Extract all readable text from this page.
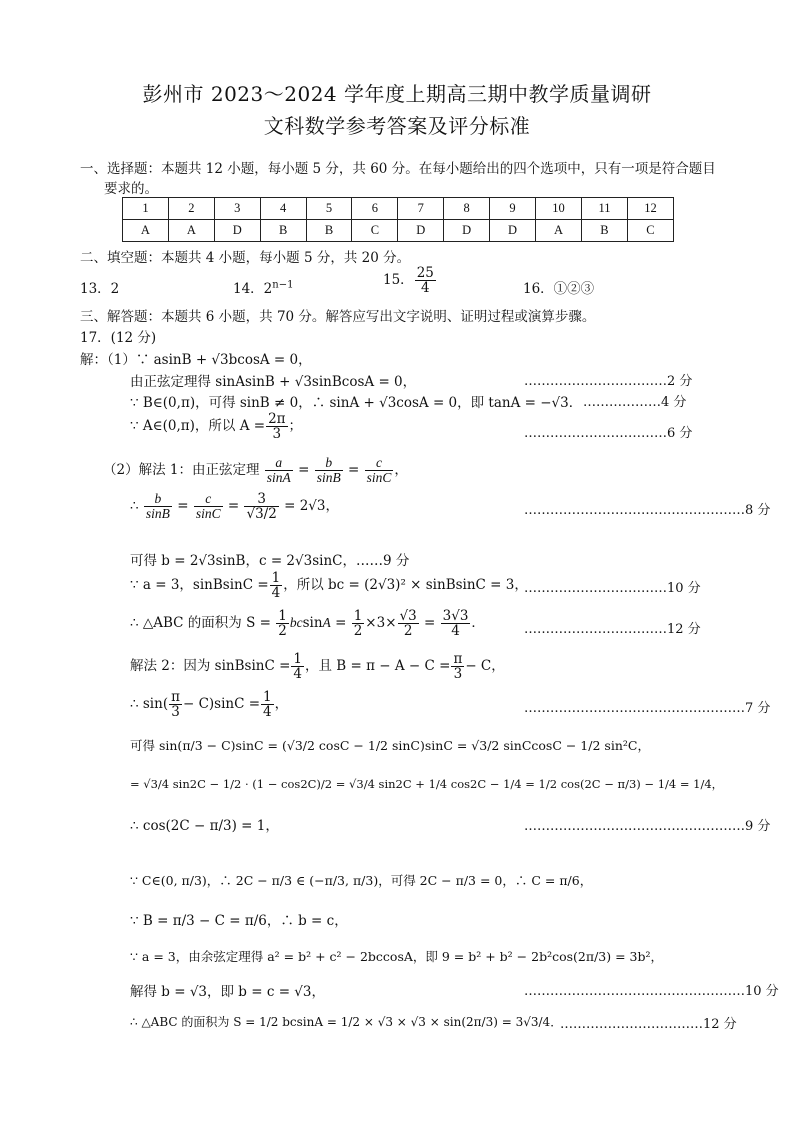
彭州市 2023～2024 学年度上期高三期中教学质量调研
文科数学参考答案及评分标准
一、选择题：本题共 12 小题，每小题 5 分，共 60 分。在每小题给出的四个选项中，只有一项是符合题目
要求的。
1	2	3	4	5	6	7	8	9	10	11	12
A	A	D	B	B	C	D	D	D	A	B	C
二、填空题：本题共 4 小题，每小题 5 分，共 20 分。
13．2	14．$2^{n-1}$	15． $\frac{25}{4}$	16．①②③
三、解答题：本题共 6 小题，共 70 分。解答应写出文字说明、证明过程或演算步骤。
17．(12 分)
解：（1）∵ asinB + √3bcosA = 0，
由正弦定理得 sinAsinB + √3sinBcosA = 0，	……………………………2 分
∵ B∈(0,π)，可得 sinB ≠ 0，∴ sinA + √3cosA = 0，即 tanA = −√3． ………………4 分
∵ A∈(0,π)，所以 $A = \frac{2\pi}{3}$ ；	……………………………6 分
（2）解法 1：由正弦定理 $\frac{a}{\sin A} = \frac{b}{\sin B} = \frac{c}{\sin C}$ ，
∴ $\frac{b}{\sin B} = \frac{c}{\sin C} = \frac{3}{√3/2} = 2√3$，	……………………………………………8 分
可得 b = 2√3sinB，c = 2√3sinC，……9 分
∵ a = 3，sinBsinC = $\frac{1}{4}$ ，所以 bc = (2√3)² × sinBsinC = 3，
……………………………10 分
∴ △ABC 的面积为 $S = \frac{1}{2}$ $bcsinA = \frac{1}{2} \times 3\times \frac{√3}{2} = \frac{3√3}{4}$ ．	……………………………12 分
解法 2：因为 sinBsinC = $\frac{1}{4}$ ，且 $B = \pi - A - C = \frac{\pi}{3} - C$，
∴ $\sin( \frac{\pi}{3} - C)\sin C = \frac{1}{4}$ ，	……………………………………………7 分
可得 sin(π/3 − C)sinC = (√3/2 cosC − 1/2 sinC)sinC = √3/2 sinCcosC − 1/2 sin²C，
= √3/4 sin2C − 1/2 · (1 − cos2C)/2 = √3/4 sin2C + 1/4 cos2C − 1/4 = 1/2 cos(2C − π/3) − 1/4 = 1/4，
∴ cos(2C − π/3) = 1，	……………………………………………9 分
∵ C∈(0, π/3)，∴ 2C − π/3 ∈ (−π/3, π/3)，可得 2C − π/3 = 0，∴ C = π/6，
∵ B = π/3 − C = π/6，∴ b = c，
∵ a = 3，由余弦定理得 a² = b² + c² − 2bccosA，即 9 = b² + b² − 2b²cos(2π/3) = 3b²，
解得 b = √3，即 b = c = √3，	……………………………………………10 分
∴ △ABC 的面积为 S = 1/2 bcsinA = 1/2 × √3 × √3 × sin(2π/3) = 3√3/4．
……………………………12 分
